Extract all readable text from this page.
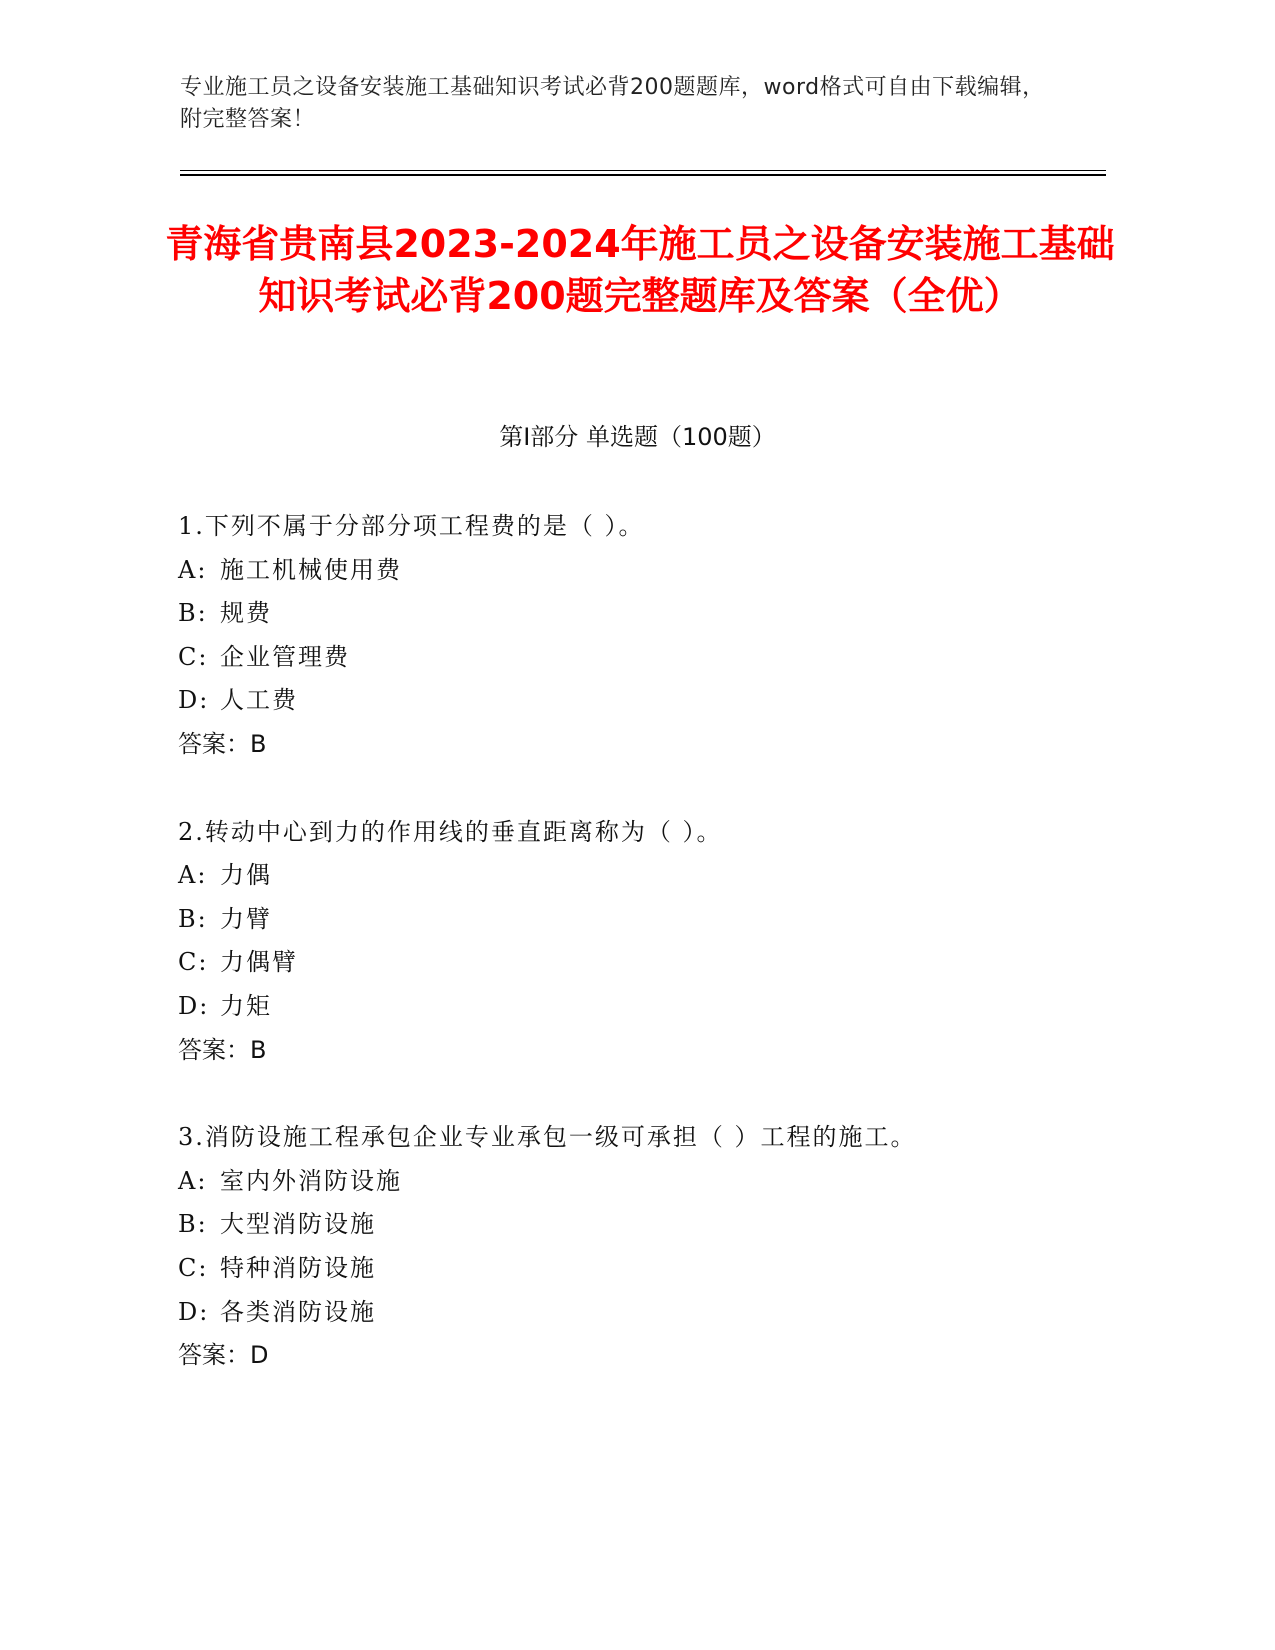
专业施工员之设备安装施工基础知识考试必背200题题库，word格式可自由下载编辑，附完整答案！
青海省贵南县2023-2024年施工员之设备安装施工基础知识考试必背200题完整题库及答案（全优）
第Ⅰ部分 单选题（100题）
1.下列不属于分部分项工程费的是（ ）。
A: 施工机械使用费
B: 规费
C: 企业管理费
D: 人工费
答案：B
2.转动中心到力的作用线的垂直距离称为（ ）。
A: 力偶
B: 力臂
C: 力偶臂
D: 力矩
答案：B
3.消防设施工程承包企业专业承包一级可承担（ ）工程的施工。
A: 室内外消防设施
B: 大型消防设施
C: 特种消防设施
D: 各类消防设施
答案：D
